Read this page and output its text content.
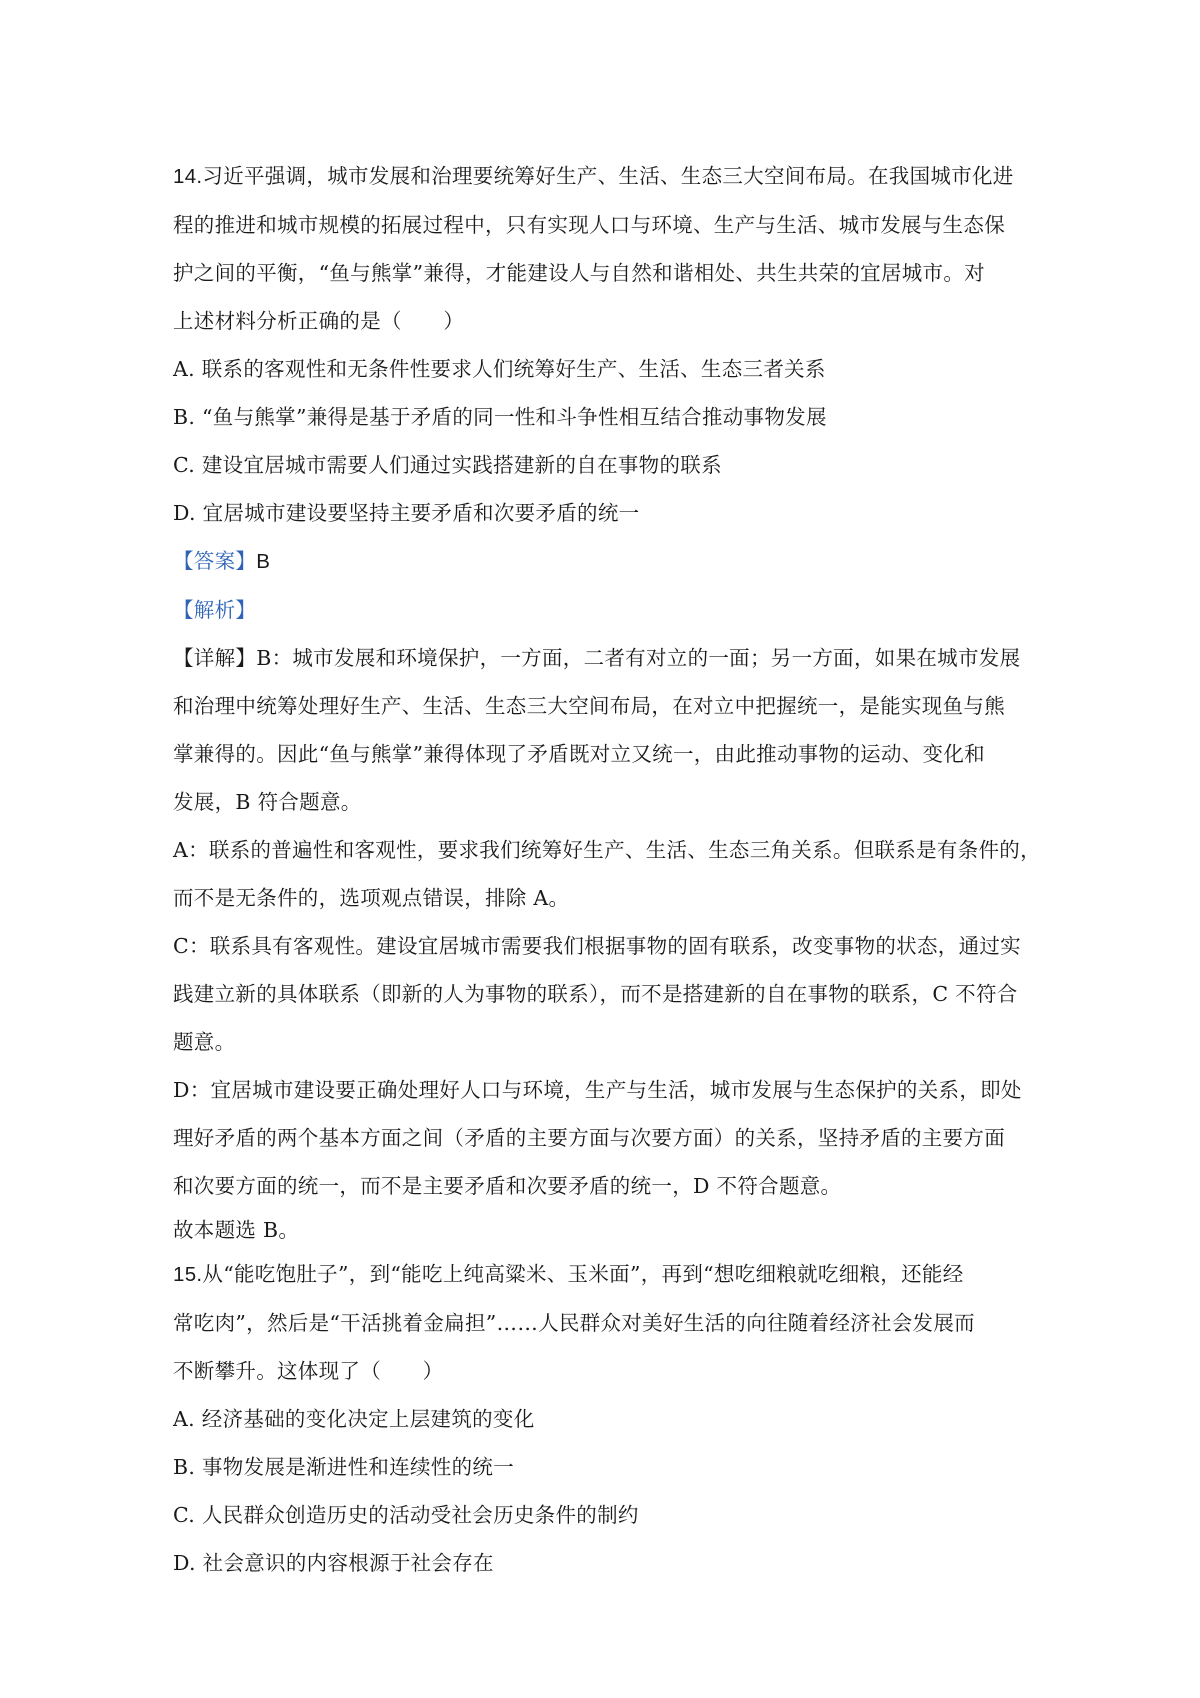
14.习近平强调，城市发展和治理要统筹好生产、生活、生态三大空间布局。在我国城市化进
程的推进和城市规模的拓展过程中，只有实现人口与环境、生产与生活、城市发展与生态保
护之间的平衡，“鱼与熊掌”兼得，才能建设人与自然和谐相处、共生共荣的宜居城市。对
上述材料分析正确的是（　　）
A. 联系的客观性和无条件性要求人们统筹好生产、生活、生态三者关系
B. “鱼与熊掌”兼得是基于矛盾的同一性和斗争性相互结合推动事物发展
C. 建设宜居城市需要人们通过实践搭建新的自在事物的联系
D. 宜居城市建设要坚持主要矛盾和次要矛盾的统一
【答案】B
【解析】
【详解】B：城市发展和环境保护，一方面，二者有对立的一面；另一方面，如果在城市发展
和治理中统筹处理好生产、生活、生态三大空间布局，在对立中把握统一，是能实现鱼与熊
掌兼得的。因此“鱼与熊掌”兼得体现了矛盾既对立又统一，由此推动事物的运动、变化和
发展，B 符合题意。
A：联系的普遍性和客观性，要求我们统筹好生产、生活、生态三角关系。但联系是有条件的，
而不是无条件的，选项观点错误，排除 A。
C：联系具有客观性。建设宜居城市需要我们根据事物的固有联系，改变事物的状态，通过实
践建立新的具体联系（即新的人为事物的联系），而不是搭建新的自在事物的联系，C 不符合
题意。
D：宜居城市建设要正确处理好人口与环境，生产与生活，城市发展与生态保护的关系，即处
理好矛盾的两个基本方面之间（矛盾的主要方面与次要方面）的关系，坚持矛盾的主要方面
和次要方面的统一，而不是主要矛盾和次要矛盾的统一，D 不符合题意。
故本题选 B。
15.从“能吃饱肚子”，到“能吃上纯高粱米、玉米面”，再到“想吃细粮就吃细粮，还能经
常吃肉”，然后是“干活挑着金扁担”……人民群众对美好生活的向往随着经济社会发展而
不断攀升。这体现了（　　）
A. 经济基础的变化决定上层建筑的变化
B. 事物发展是渐进性和连续性的统一
C. 人民群众创造历史的活动受社会历史条件的制约
D. 社会意识的内容根源于社会存在
